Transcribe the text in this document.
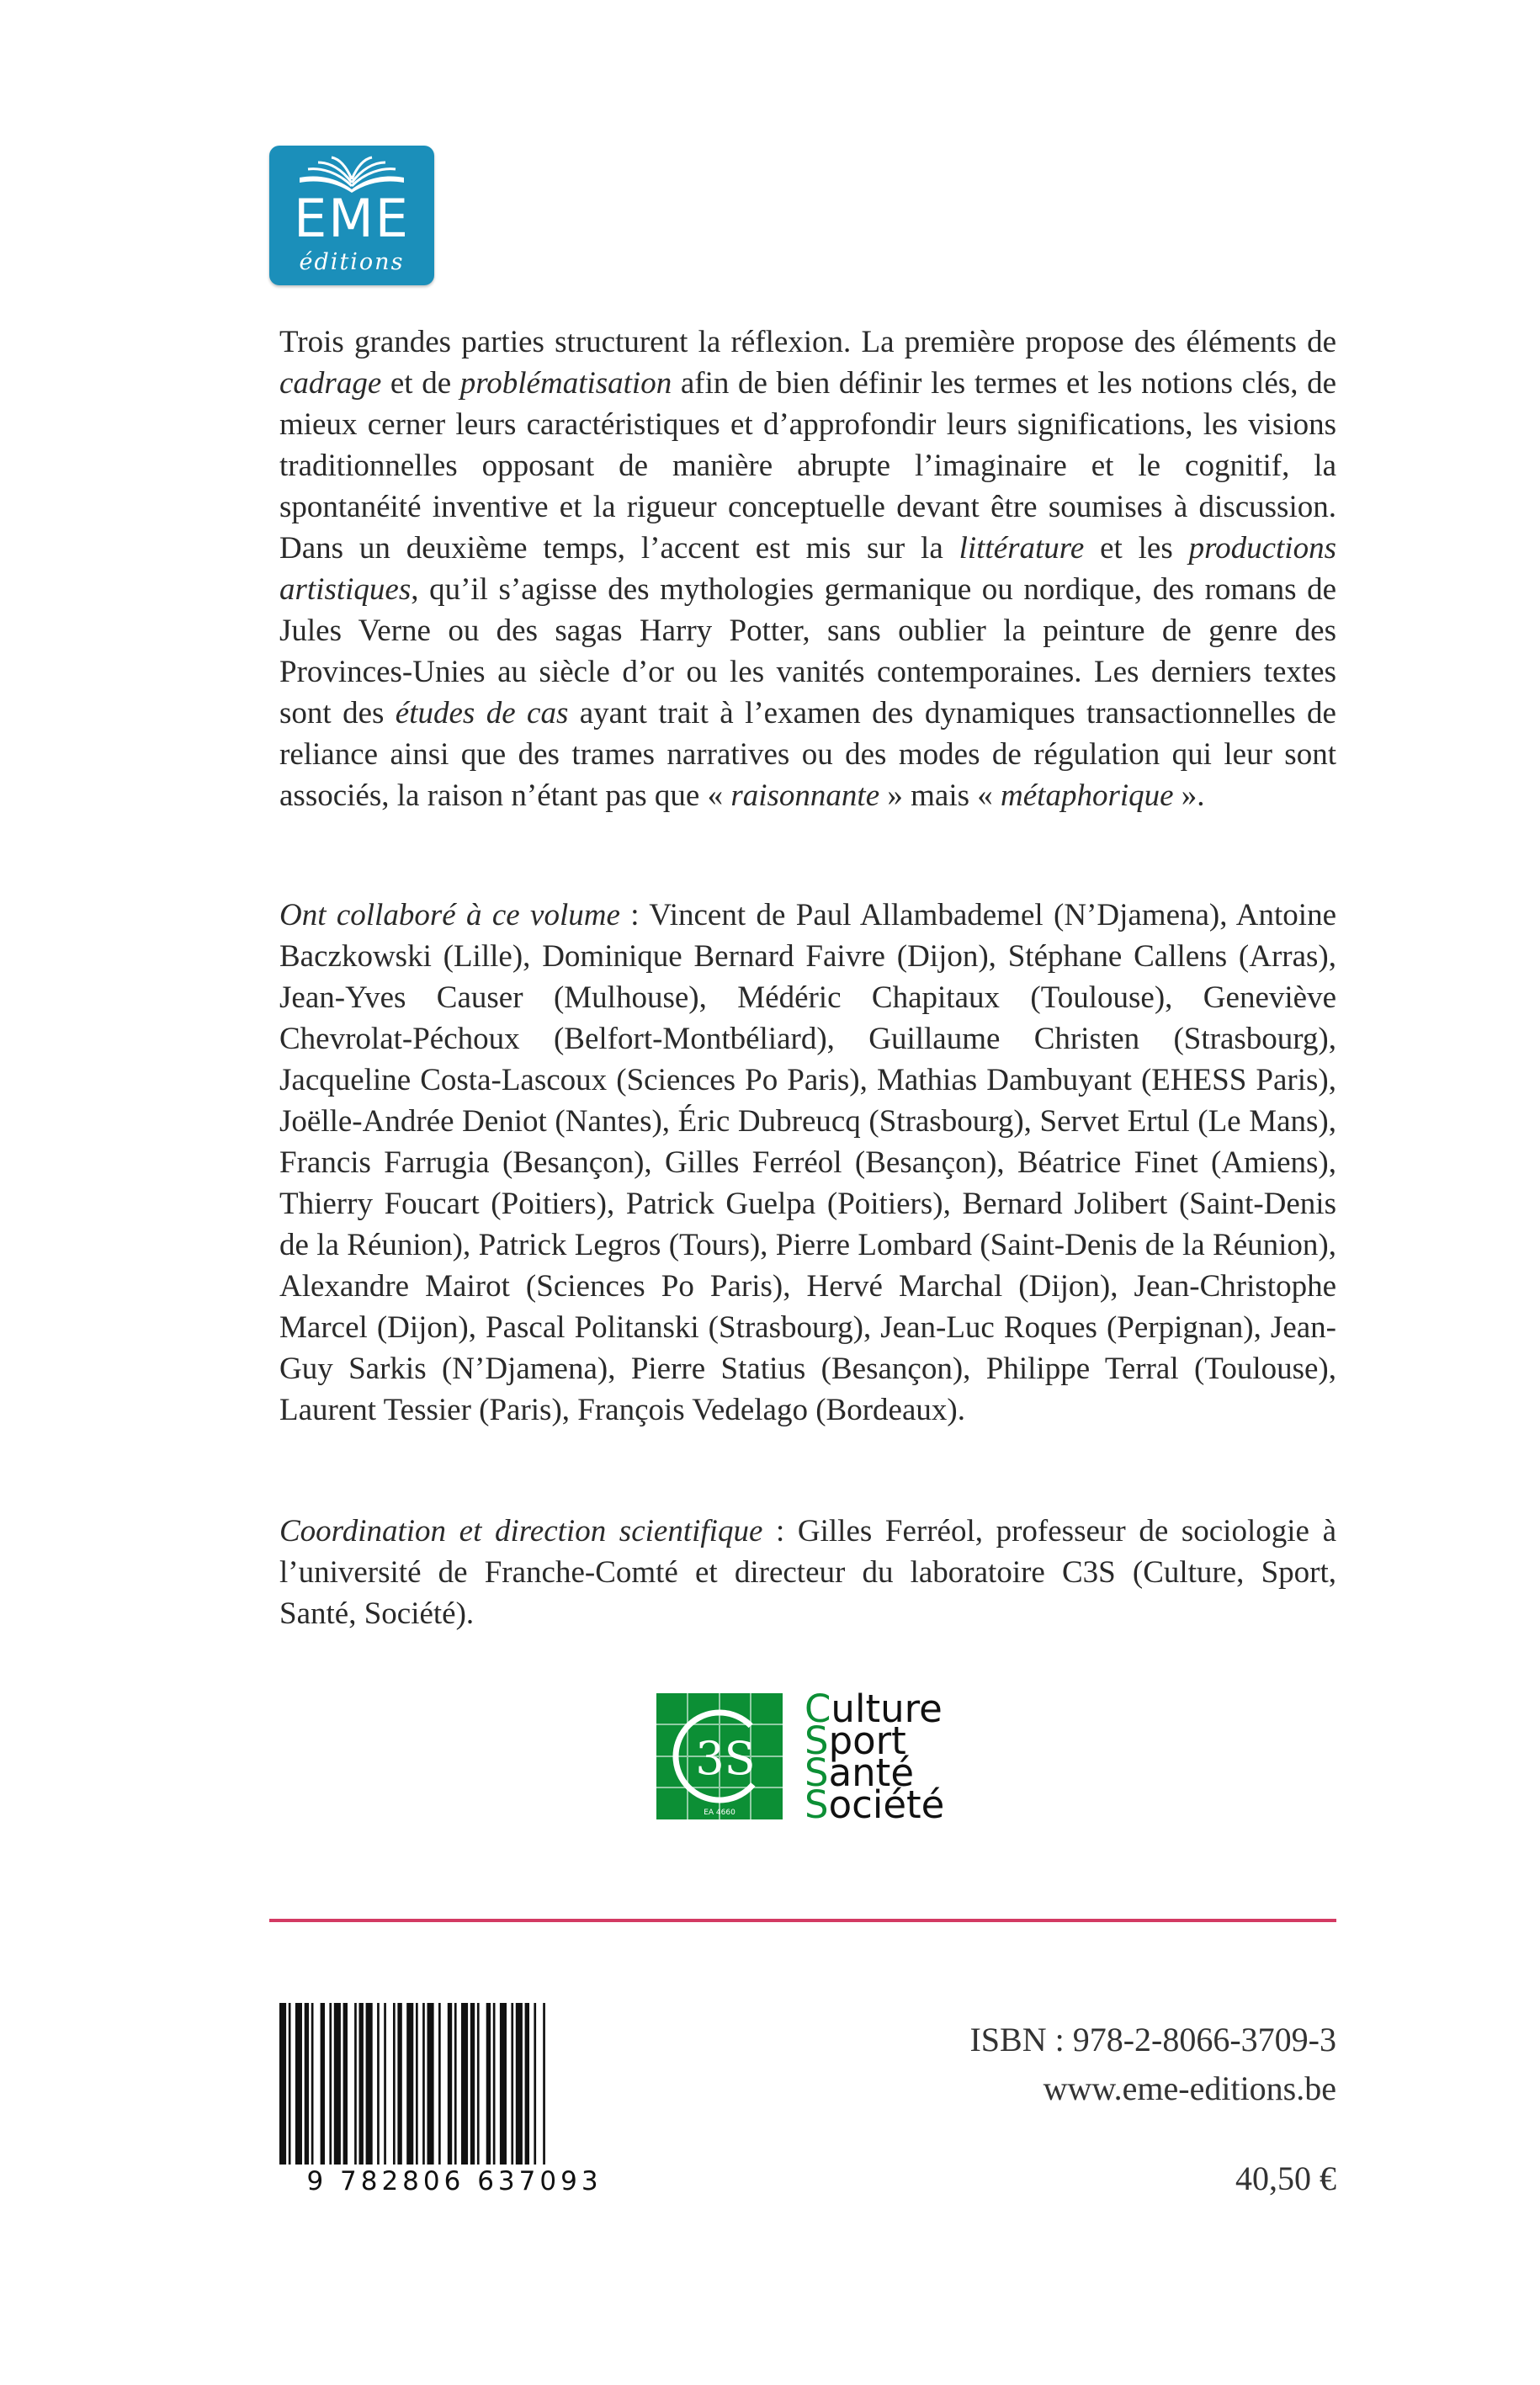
EME
éditions

Trois grandes parties structurent la réflexion. La première propose des éléments de cadrage et de problématisation afin de bien définir les termes et les notions clés, de mieux cerner leurs caractéristiques et d’approfondir leurs significations, les visions traditionnelles opposant de manière abrupte l’imaginaire et le cognitif, la spontanéité inventive et la rigueur conceptuelle devant être soumises à discussion. Dans un deuxième temps, l’accent est mis sur la littérature et les productions artistiques, qu’il s’agisse des mythologies germanique ou nordique, des romans de Jules Verne ou des sagas Harry Potter, sans oublier la peinture de genre des Provinces-Unies au siècle d’or ou les vanités contemporaines. Les derniers textes sont des études de cas ayant trait à l’examen des dynamiques transactionnelles de reliance ainsi que des trames narratives ou des modes de régulation qui leur sont associés, la raison n’étant pas que « raisonnante » mais « métaphorique ».

Ont collaboré à ce volume : Vincent de Paul Allambademel (N’Djamena), Antoine Baczkowski (Lille), Dominique Bernard Faivre (Dijon), Stéphane Callens (Arras), Jean-Yves Causer (Mulhouse), Médéric Chapitaux (Toulouse), Geneviève Chevrolat-Péchoux (Belfort-Montbéliard), Guillaume Christen (Strasbourg), Jacqueline Costa-Lascoux (Sciences Po Paris), Mathias Dambuyant (EHESS Paris), Joëlle-Andrée Deniot (Nantes), Éric Dubreucq (Strasbourg), Servet Ertul (Le Mans), Francis Farrugia (Besançon), Gilles Ferréol (Besançon), Béatrice Finet (Amiens), Thierry Foucart (Poitiers), Patrick Guelpa (Poitiers), Bernard Jolibert (Saint-Denis de la Réunion), Patrick Legros (Tours), Pierre Lombard (Saint-Denis de la Réunion), Alexandre Mairot (Sciences Po Paris), Hervé Marchal (Dijon), Jean-Christophe Marcel (Dijon), Pascal Politanski (Strasbourg), Jean-Luc Roques (Perpignan), Jean-Guy Sarkis (N’Djamena), Pierre Statius (Besançon), Philippe Terral (Toulouse), Laurent Tessier (Paris), François Vedelago (Bordeaux).

Coordination et direction scientifique : Gilles Ferréol, professeur de sociologie à l’université de Franche-Comté et directeur du laboratoire C3S (Culture, Sport, Santé, Société).

3S
EA 4660
Culture
Sport
Santé
Société
9 782806 637093
ISBN : 978-2-8066-3709-3
www.eme-editions.be
40,50 €
